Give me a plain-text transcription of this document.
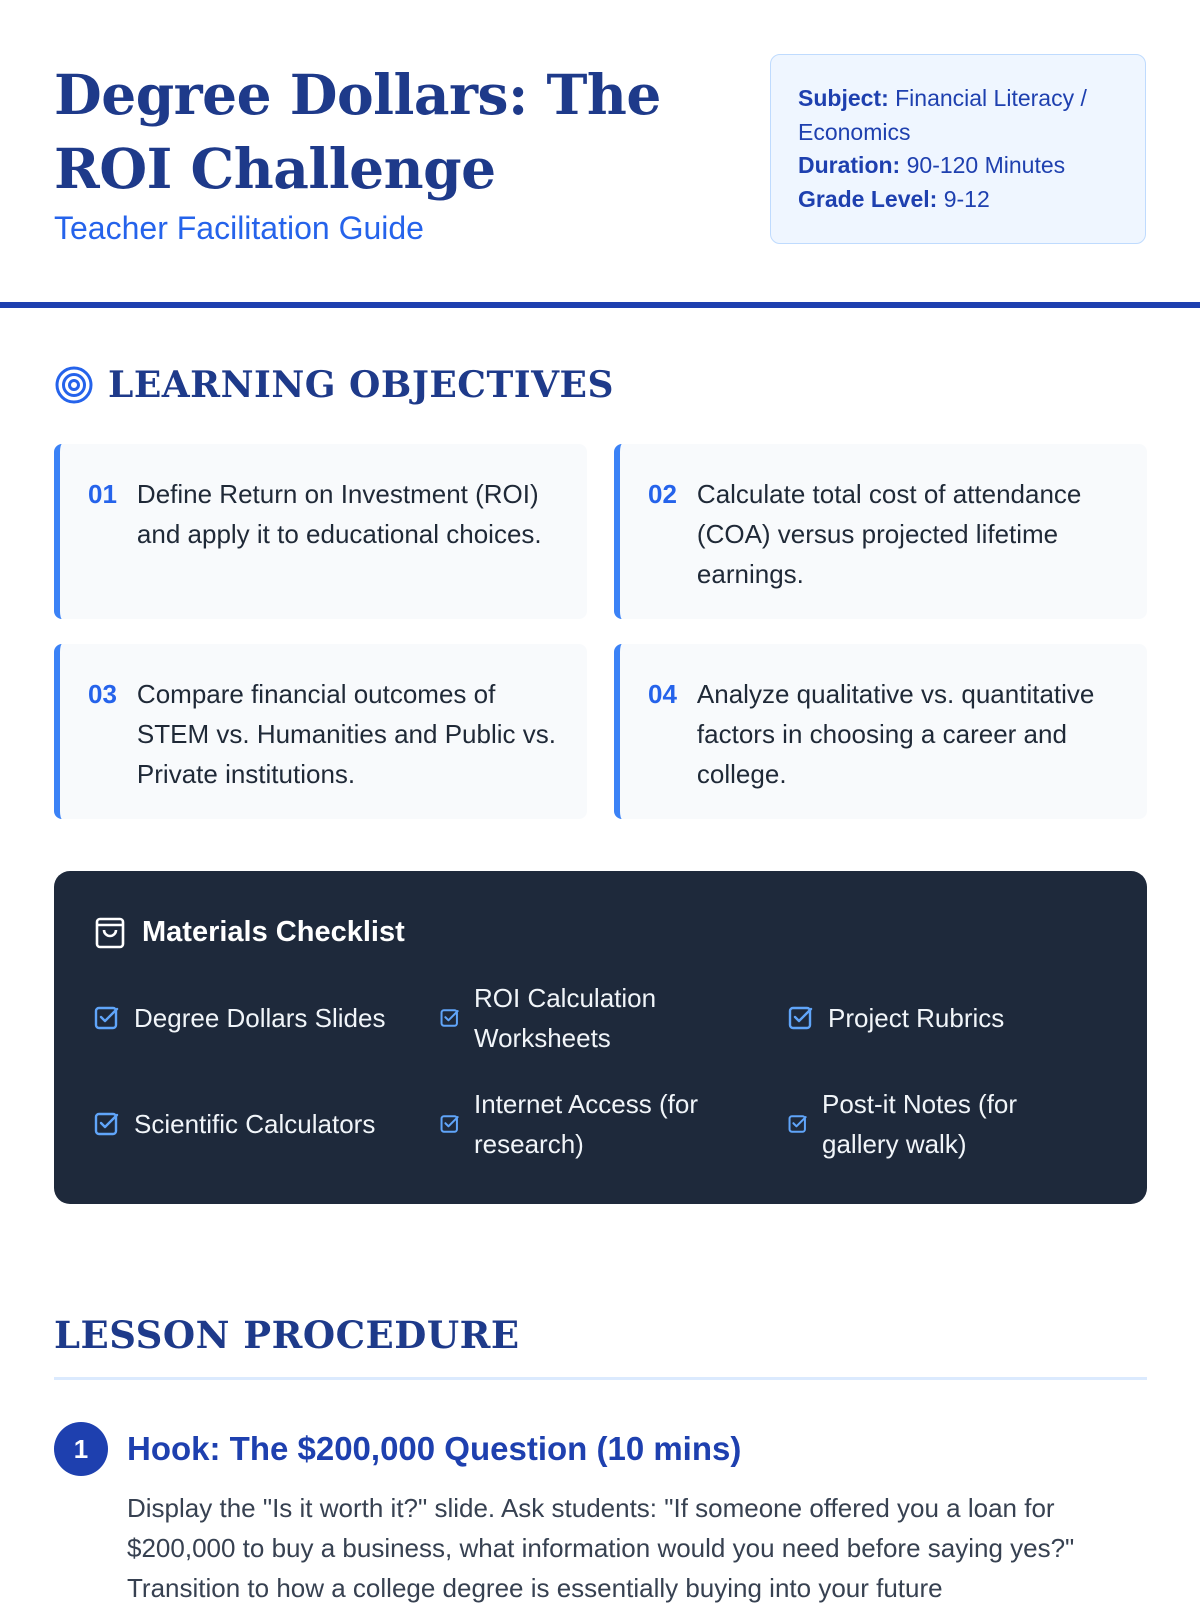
Degree Dollars: The ROI Challenge

Teacher Facilitation Guide

Subject: Financial Literacy / Economics
Duration: 90-120 Minutes
Grade Level: 9-12
LEARNING OBJECTIVES
01 Define Return on Investment (ROI) and apply it to educational choices.
02 Calculate total cost of attendance (COA) versus projected lifetime earnings.
03 Compare financial outcomes of STEM vs. Humanities and Public vs. Private institutions.
04 Analyze qualitative vs. quantitative factors in choosing a career and college.
Materials Checklist
Degree Dollars Slides
ROI Calculation Worksheets
Project Rubrics
Scientific Calculators
Internet Access (for research)
Post-it Notes (for gallery walk)
LESSON PROCEDURE
1	Hook: The $200,000 Question (10 mins)

Display the "Is it worth it?" slide. Ask students: "If someone offered you a loan for $200,000 to buy a business, what information would you need before saying yes?" Transition to how a college degree is essentially buying into your future
